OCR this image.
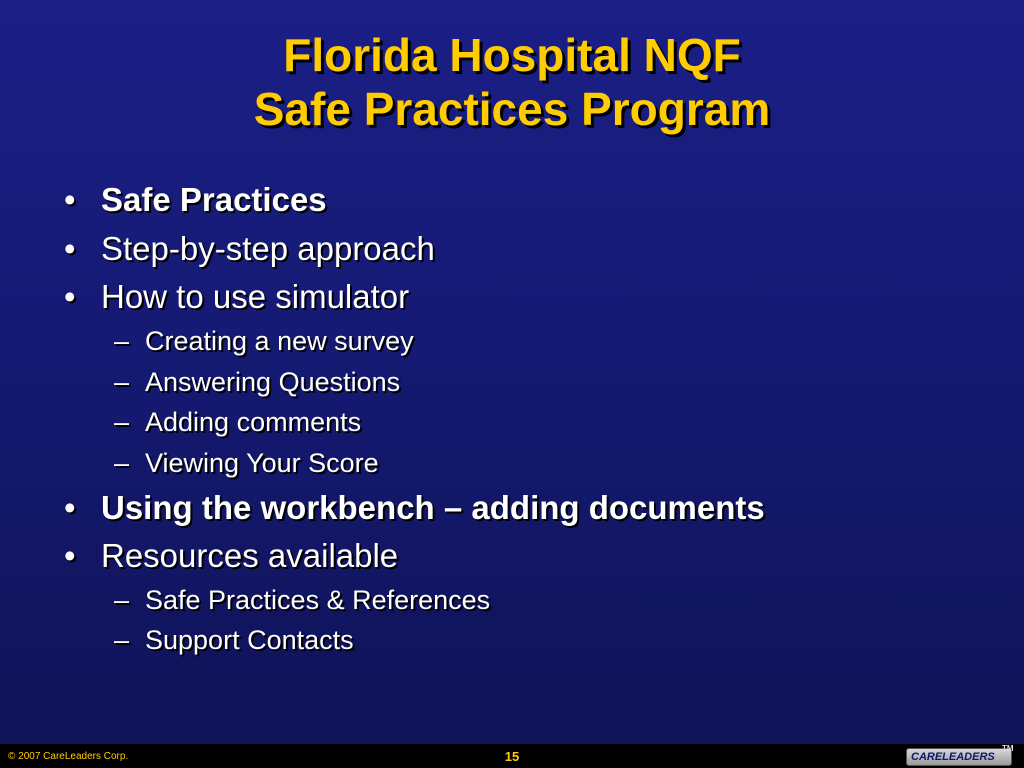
Florida Hospital NQF
Safe Practices Program
• Safe Practices
• Step-by-step approach
• How to use simulator
– Creating a new survey
– Answering Questions
– Adding comments
– Viewing Your Score
• Using the workbench – adding documents
• Resources available
– Safe Practices & References
– Support Contacts
© 2007 CareLeaders Corp.	15	CARELEADERS
TM
